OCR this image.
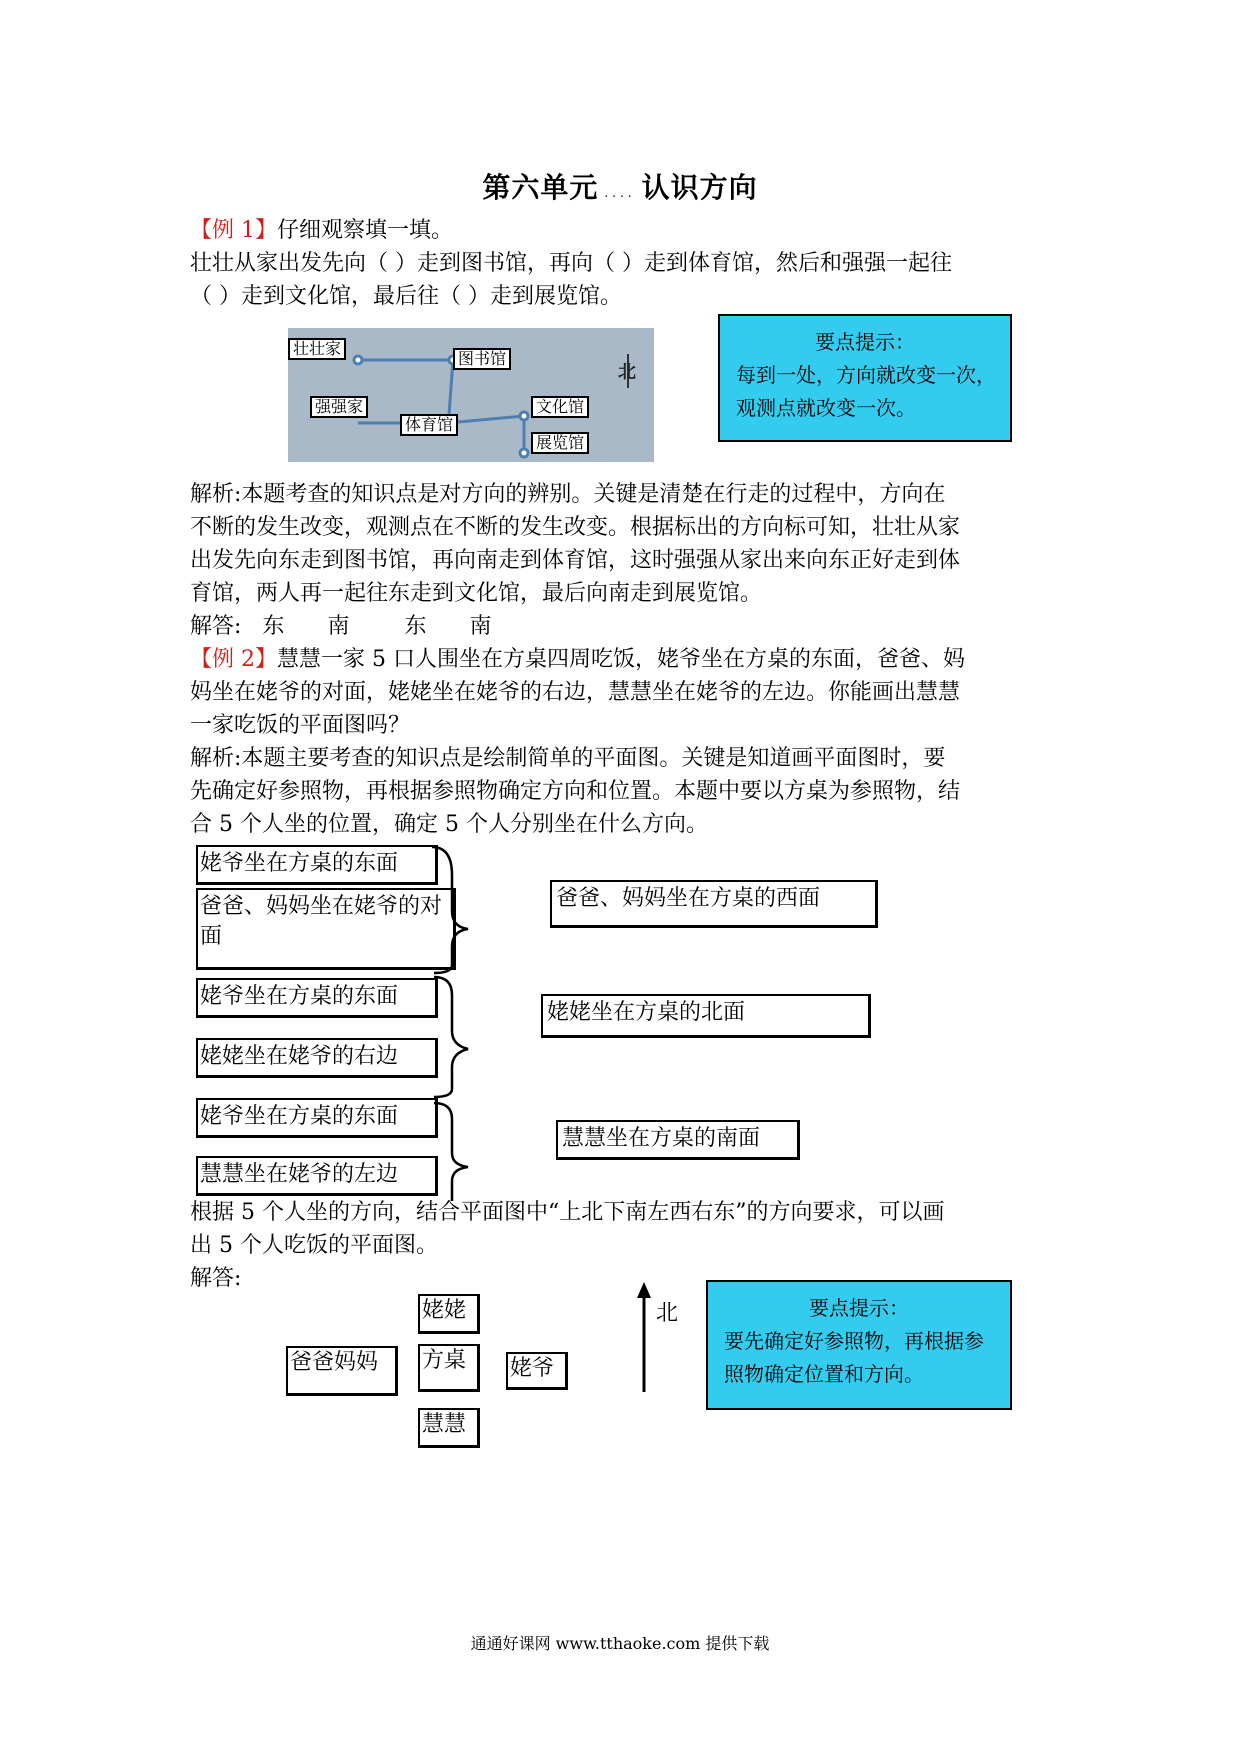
第六单元 .... 认识方向
【例 1】仔细观察填一填。
壮壮从家出发先向（ ）走到图书馆，再向（ ）走到体育馆，然后和强强一起往
（ ）走到文化馆，最后往（ ）走到展览馆。
壮壮家
图书馆
强强家
体育馆
文化馆
展览馆
北
要点提示：
每到一处，方向就改变一次，观测点就改变一次。
解析:本题考查的知识点是对方向的辨别。关键是清楚在行走的过程中，方向在
不断的发生改变，观测点在不断的发生改变。根据标出的方向标可知，壮壮从家
出发先向东走到图书馆，再向南走到体育馆，这时强强从家出来向东正好走到体
育馆，两人再一起往东走到文化馆，最后向南走到展览馆。
解答: 东 南	东 南
【例 2】慧慧一家 5 口人围坐在方桌四周吃饭，姥爷坐在方桌的东面，爸爸、妈
妈坐在姥爷的对面，姥姥坐在姥爷的右边，慧慧坐在姥爷的左边。你能画出慧慧
一家吃饭的平面图吗？
解析:本题主要考查的知识点是绘制简单的平面图。关键是知道画平面图时，要
先确定好参照物，再根据参照物确定方向和位置。本题中要以方桌为参照物，结
合 5 个人坐的位置，确定 5 个人分别坐在什么方向。
姥爷坐在方桌的东面
爸爸、妈妈坐在姥爷的对面
姥爷坐在方桌的东面
姥姥坐在姥爷的右边
姥爷坐在方桌的东面
慧慧坐在姥爷的左边
爸爸、妈妈坐在方桌的西面
姥姥坐在方桌的北面
慧慧坐在方桌的南面
根据 5 个人坐的方向，结合平面图中“上北下南左西右东”的方向要求，可以画
出 5 个人吃饭的平面图。
解答:
姥姥
爸爸妈妈	方桌	姥爷
慧慧
北	要点提示：
要先确定好参照物，再根据参照物确定位置和方向。
通通好课网 www.tthaoke.com 提供下载
